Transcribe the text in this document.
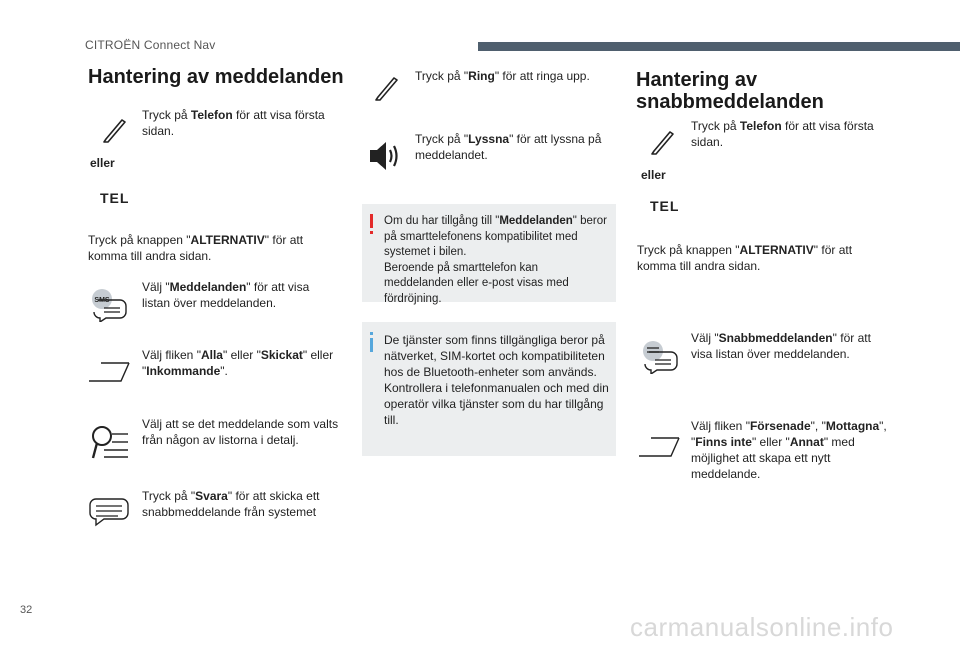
CITROËN Connect Nav
Hantering av meddelanden
Tryck på Telefon för att visa första sidan.
eller
TEL
Tryck på knappen "ALTERNATIV" för att komma till andra sidan.
SMS
Välj "Meddelanden" för att visa listan över meddelanden.
Välj fliken "Alla" eller "Skickat" eller "Inkommande".
Välj att se det meddelande som valts från någon av listorna i detalj.
Tryck på "Svara" för att skicka ett snabbmeddelande från systemet
Tryck på "Ring" för att ringa upp.
Tryck på "Lyssna" för att lyssna på meddelandet.
Om du har tillgång till "Meddelanden" beror på smarttelefonens kompatibilitet med systemet i bilen.
Beroende på smarttelefon kan meddelanden eller e-post visas med fördröjning.
De tjänster som finns tillgängliga beror på nätverket, SIM-kortet och kompatibiliteten hos de Bluetooth-enheter som används. Kontrollera i telefonmanualen och med din operatör vilka tjänster som du har tillgång till.
Hantering av snabbmeddelanden
Tryck på Telefon för att visa första sidan.
eller
TEL
Tryck på knappen "ALTERNATIV" för att komma till andra sidan.
Välj "Snabbmeddelanden" för att visa listan över meddelanden.
Välj fliken "Försenade", "Mottagna", "Finns inte" eller "Annat" med möjlighet att skapa ett nytt meddelande.
32
carmanualsonline.info
